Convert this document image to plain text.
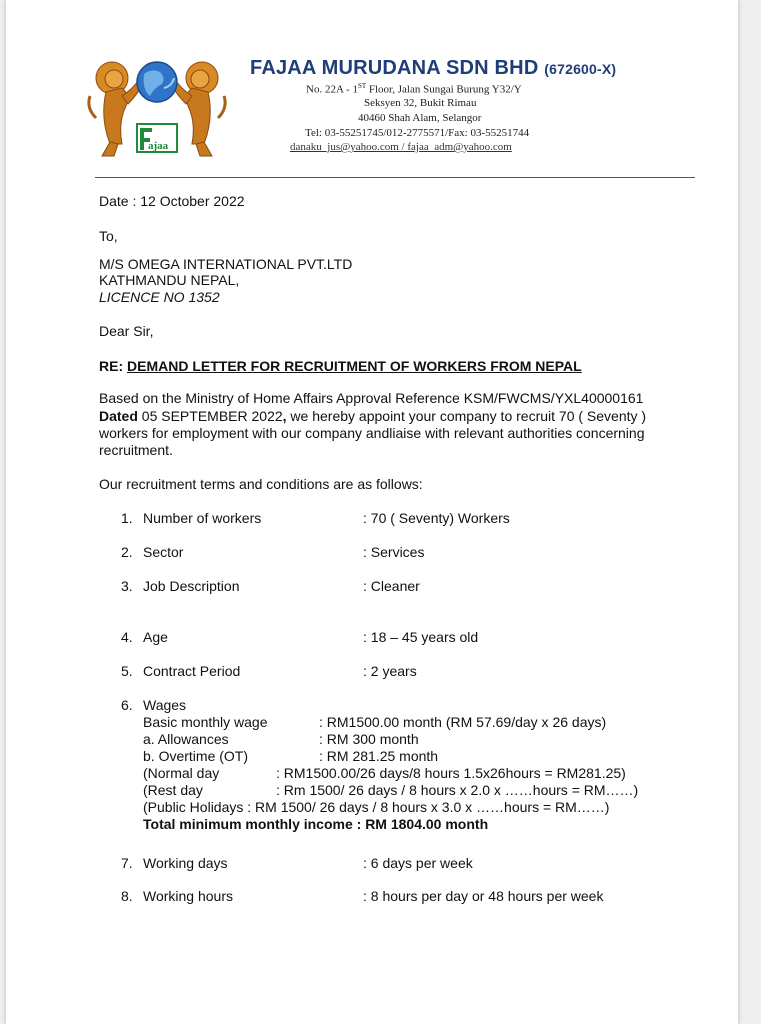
ajaa
FAJAA MURUDANA SDN BHD (672600-X)
No. 22A - 1ST Floor, Jalan Sungai Burung Y32/Y
Seksyen 32, Bukit Rimau
40460 Shah Alam, Selangor
Tel: 03-55251745/012-2775571/Fax: 03-55251744
danaku_jus@yahoo.com / fajaa_adm@yahoo.com
Date : 12 October 2022
To,
M/S OMEGA INTERNATIONAL PVT.LTD
KATHMANDU NEPAL,
LICENCE NO 1352
Dear Sir,
RE: DEMAND LETTER FOR RECRUITMENT OF WORKERS FROM NEPAL
Based on the Ministry of Home Affairs Approval Reference KSM/FWCMS/YXL40000161
Dated 05 SEPTEMBER 2022, we hereby appoint your company to recruit 70 ( Seventy )
workers for employment with our company andliaise with relevant authorities concerning
recruitment.
Our recruitment terms and conditions are as follows:
1. Number of workers	: 70 ( Seventy) Workers
2. Sector	: Services
3. Job Description	: Cleaner
4. Age	: 18 – 45 years old
5. Contract Period	: 2 years
6. Wages
Basic monthly wage	: RM1500.00 month (RM 57.69/day x 26 days)
a. Allowances	: RM 300 month
b. Overtime (OT)	: RM 281.25 month
(Normal day	: RM1500.00/26 days/8 hours 1.5x26hours = RM281.25)
(Rest day	: Rm 1500/ 26 days / 8 hours x 2.0 x ……hours = RM……)
(Public Holidays : RM 1500/ 26 days / 8 hours x 3.0 x ……hours = RM……)
Total minimum monthly income : RM 1804.00 month
7. Working days	: 6 days per week
8. Working hours	: 8 hours per day or 48 hours per week
